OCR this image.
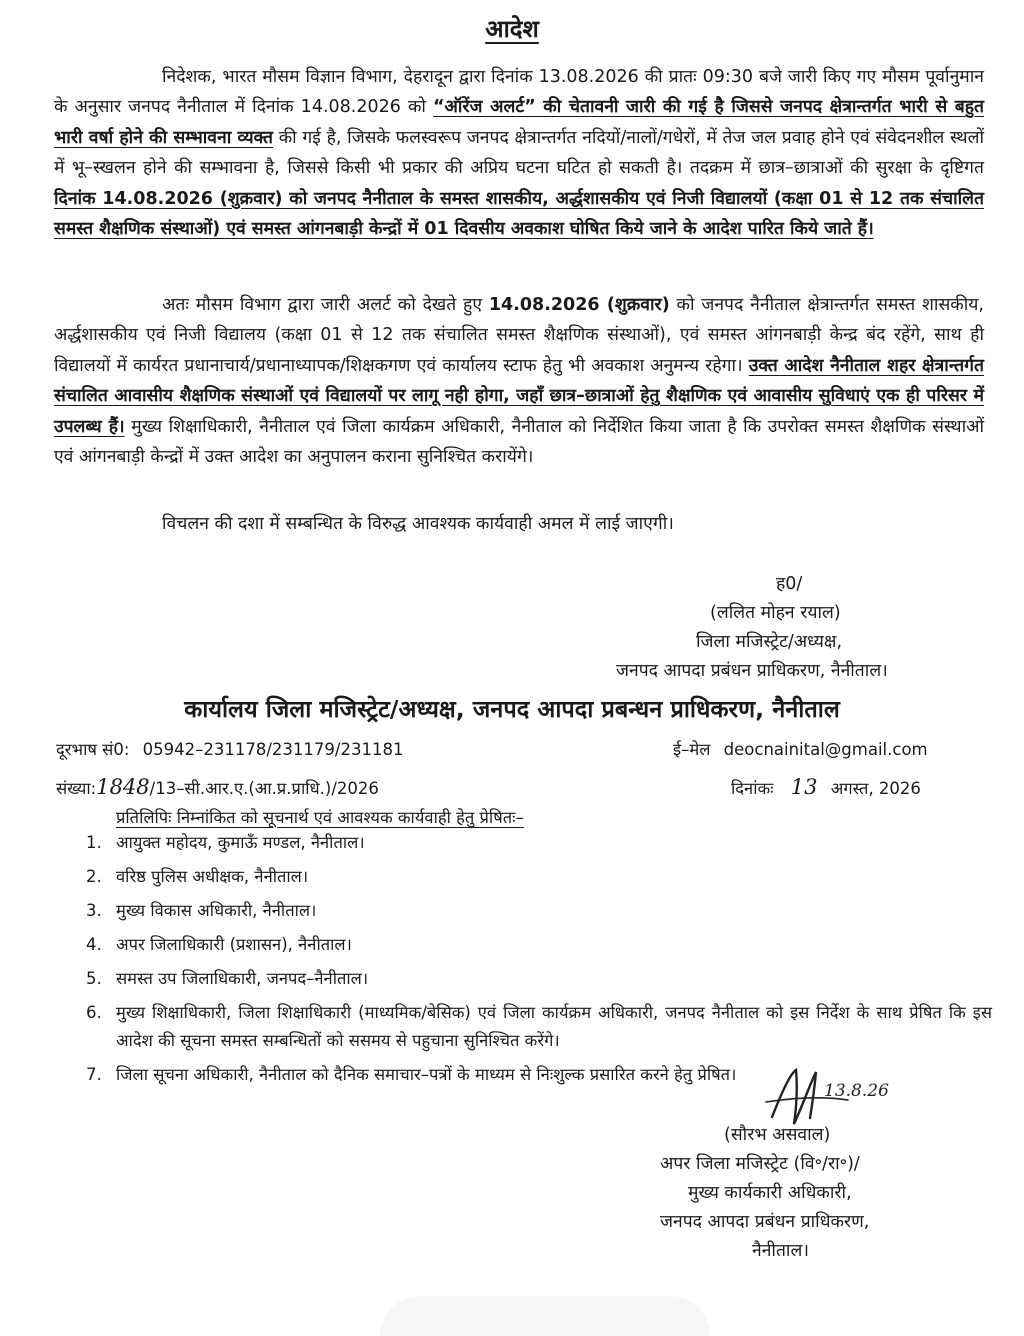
आदेश

निदेशक, भारत मौसम विज्ञान विभाग, देहरादून द्वारा दिनांक 13.08.2026 की प्रातः 09:30 बजे जारी किए गए मौसम पूर्वानुमान के अनुसार जनपद नैनीताल में दिनांक 14.08.2026 को “ऑरेंज अलर्ट” की चेतावनी जारी की गई है जिससे जनपद क्षेत्रान्तर्गत भारी से बहुत भारी वर्षा होने की सम्भावना व्यक्त की गई है, जिसके फलस्वरूप जनपद क्षेत्रान्तर्गत नदियों/नालों/गधेरों, में तेज जल प्रवाह होने एवं संवेदनशील स्थलों में भू–स्खलन होने की सम्भावना है, जिससे किसी भी प्रकार की अप्रिय घटना घटित हो सकती है। तदक्रम में छात्र–छात्राओं की सुरक्षा के दृष्टिगत दिनांक 14.08.2026 (शुक्रवार) को जनपद नैनीताल के समस्त शासकीय, अर्द्धशासकीय एवं निजी विद्यालयों (कक्षा 01 से 12 तक संचालित समस्त शैक्षणिक संस्थाओं) एवं समस्त आंगनबाड़ी केन्द्रों में 01 दिवसीय अवकाश घोषित किये जाने के आदेश पारित किये जाते हैं।

अतः मौसम विभाग द्वारा जारी अलर्ट को देखते हुए 14.08.2026 (शुक्रवार) को जनपद नैनीताल क्षेत्रान्तर्गत समस्त शासकीय, अर्द्धशासकीय एवं निजी विद्यालय (कक्षा 01 से 12 तक संचालित समस्त शैक्षणिक संस्थाओं), एवं समस्त आंगनबाड़ी केन्द्र बंद रहेंगे, साथ ही विद्यालयों में कार्यरत प्रधानाचार्य/प्रधानाध्यापक/शिक्षकगण एवं कार्यालय स्टाफ हेतु भी अवकाश अनुमन्य रहेगा। उक्त आदेश नैनीताल शहर क्षेत्रान्तर्गत संचालित आवासीय शैक्षणिक संस्थाओं एवं विद्यालयों पर लागू नही होगा, जहाँ छात्र–छात्राओं हेतु शैक्षणिक एवं आवासीय सुविधाएं एक ही परिसर में उपलब्ध हैं। मुख्य शिक्षाधिकारी, नैनीताल एवं जिला कार्यक्रम अधिकारी, नैनीताल को निर्देशित किया जाता है कि उपरोक्त समस्त शैक्षणिक संस्थाओं एवं आंगनबाड़ी केन्द्रों में उक्त आदेश का अनुपालन कराना सुनिश्चित करायेंगे।

विचलन की दशा में सम्बन्धित के विरुद्ध आवश्यक कार्यवाही अमल में लाई जाएगी।

ह0/
(ललित मोहन रयाल)
जिला मजिस्ट्रेट/अध्यक्ष,
जनपद आपदा प्रबंधन प्राधिकरण, नैनीताल।
कार्यालय जिला मजिस्ट्रेट/अध्यक्ष, जनपद आपदा प्रबन्धन प्राधिकरण, नैनीताल
दूरभाष सं0: 05942–231178/231179/231181	ई–मेल deocnainital@gmail.com
संख्या:1848/13–सी.आर.ए.(आ.प्र.प्राधि.)/2026	दिनांकः 13 अगस्त, 2026
प्रतिलिपिः निम्नांकित को सूचनार्थ एवं आवश्यक कार्यवाही हेतु प्रेषितः–
1. आयुक्त महोदय, कुमाऊँ मण्डल, नैनीताल।
2. वरिष्ठ पुलिस अधीक्षक, नैनीताल।
3. मुख्य विकास अधिकारी, नैनीताल।
4. अपर जिलाधिकारी (प्रशासन), नैनीताल।
5. समस्त उप जिलाधिकारी, जनपद–नैनीताल।
6. मुख्य शिक्षाधिकारी, जिला शिक्षाधिकारी (माध्यमिक/बेसिक) एवं जिला कार्यक्रम अधिकारी, जनपद नैनीताल को इस निर्देश के साथ प्रेषित कि इस आदेश की सूचना समस्त सम्बन्धितों को ससमय से पहुचाना सुनिश्चित करेंगे।
7. जिला सूचना अधिकारी, नैनीताल को दैनिक समाचार–पत्रों के माध्यम से निःशुल्क प्रसारित करने हेतु प्रेषित।
13.8.26
(सौरभ असवाल)
अपर जिला मजिस्ट्रेट (वि॰/रा॰)/
मुख्य कार्यकारी अधिकारी,
जनपद आपदा प्रबंधन प्राधिकरण,
नैनीताल।
